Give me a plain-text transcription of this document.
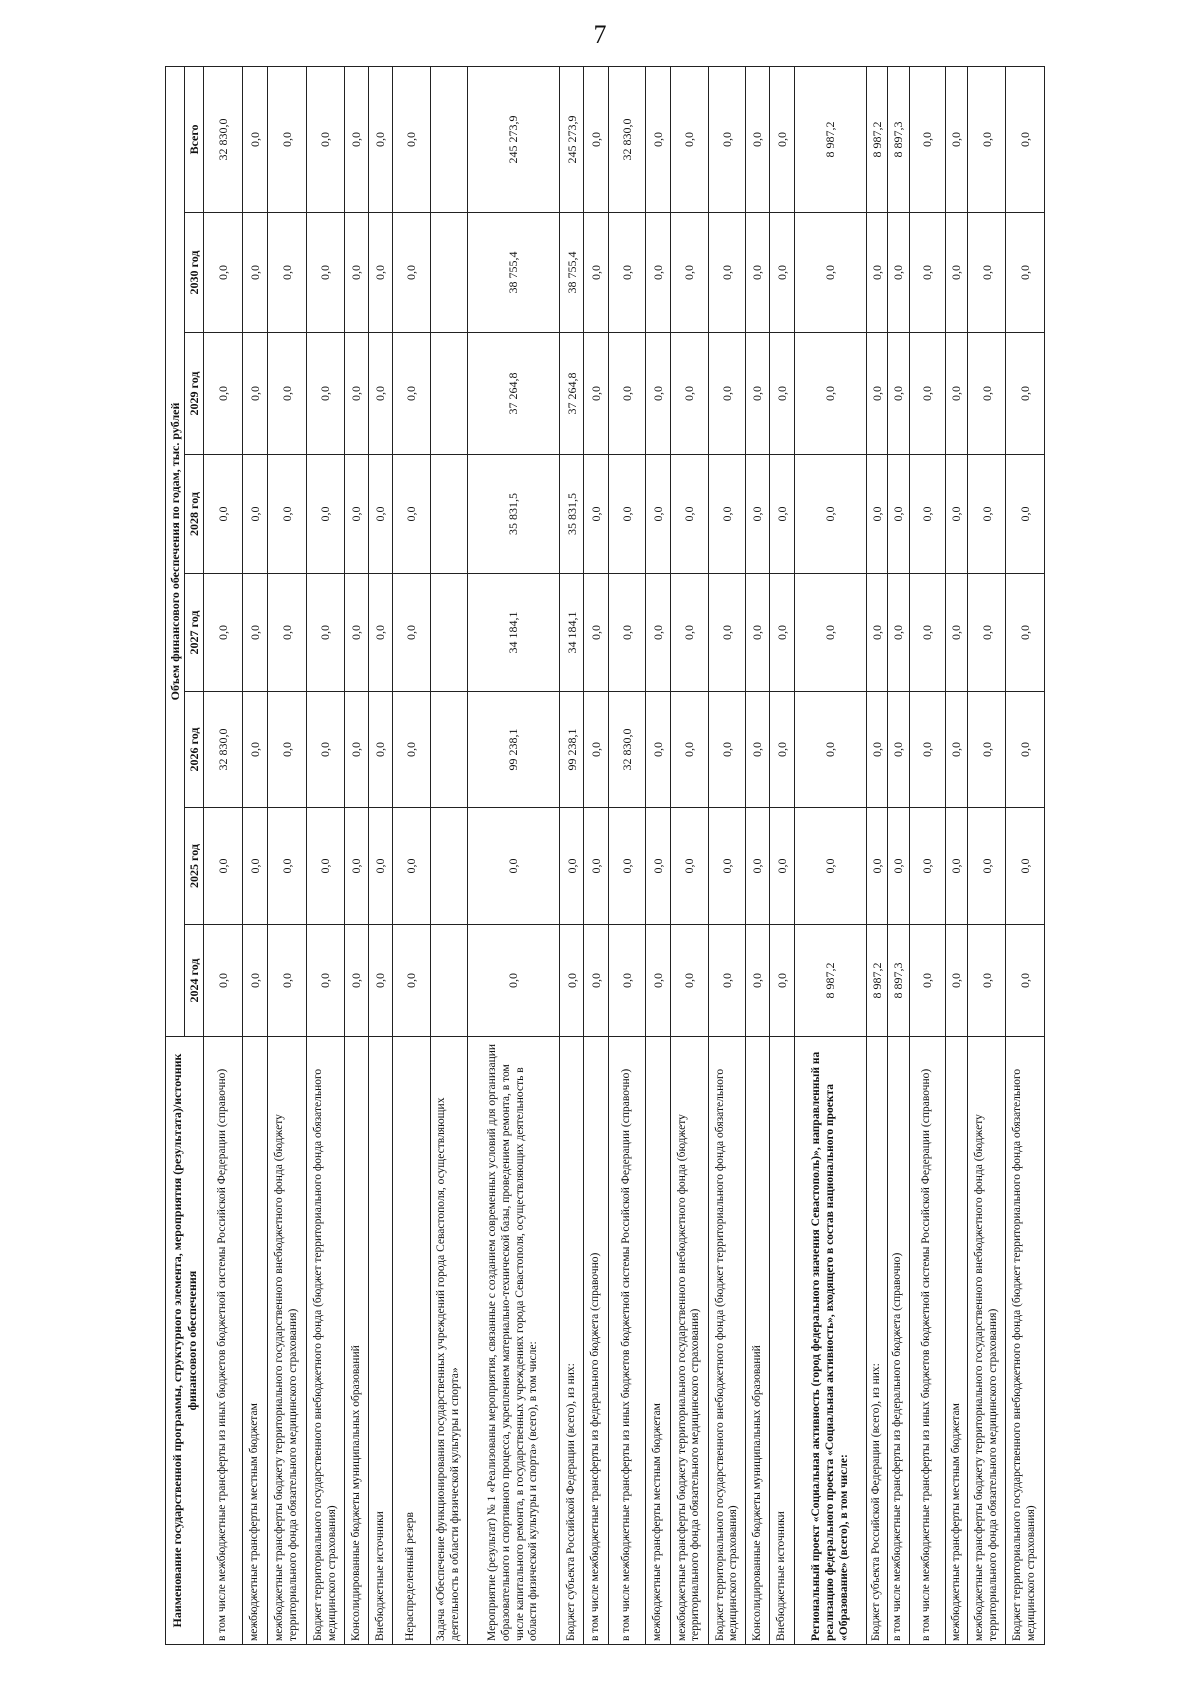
7
Наименование государственной программы, структурного элемента, мероприятия (результата)/источник финансового обеспечения	Объем финансового обеспечения по годам, тыс. рублей							
	2024 год	2025 год	2026 год	2027 год	2028 год	2029 год	2030 год	Всего
в том числе межбюджетные трансферты из иных бюджетов бюджетной системы Российской Федерации (справочно)	0,0	0,0	32 830,0	0,0	0,0	0,0	0,0	32 830,0
межбюджетные трансферты местным бюджетам	0,0	0,0	0,0	0,0	0,0	0,0	0,0	0,0
межбюджетные трансферты бюджету территориального государственного внебюджетного фонда (бюджету территориального фонда обязательного медицинского страхования)	0,0	0,0	0,0	0,0	0,0	0,0	0,0	0,0
Бюджет территориального государственного внебюджетного фонда (бюджет территориального фонда обязательного медицинского страхования)	0,0	0,0	0,0	0,0	0,0	0,0	0,0	0,0
Консолидированные бюджеты муниципальных образований	0,0	0,0	0,0	0,0	0,0	0,0	0,0	0,0
Внебюджетные источники	0,0	0,0	0,0	0,0	0,0	0,0	0,0	0,0
Нераспределенный резерв	0,0	0,0	0,0	0,0	0,0	0,0	0,0	0,0
Задача «Обеспечение функционирования государственных учреждений города Севастополя, осуществляющих деятельность в области физической культуры и спорта»								
Мероприятие (результат) № 1 «Реализованы мероприятия, связанные с созданием современных условий для организации образовательного и спортивного процесса, укреплением материально-технической базы, проведением ремонта, в том числе капитального ремонта, в государственных учреждениях города Севастополя, осуществляющих деятельность в области физической культуры и спорта» (всего), в том числе:	0,0	0,0	99 238,1	34 184,1	35 831,5	37 264,8	38 755,4	245 273,9
Бюджет субъекта Российской Федерации (всего), из них:	0,0	0,0	99 238,1	34 184,1	35 831,5	37 264,8	38 755,4	245 273,9
в том числе межбюджетные трансферты из федерального бюджета (справочно)	0,0	0,0	0,0	0,0	0,0	0,0	0,0	0,0
в том числе межбюджетные трансферты из иных бюджетов бюджетной системы Российской Федерации (справочно)	0,0	0,0	32 830,0	0,0	0,0	0,0	0,0	32 830,0
межбюджетные трансферты местным бюджетам	0,0	0,0	0,0	0,0	0,0	0,0	0,0	0,0
межбюджетные трансферты бюджету территориального государственного внебюджетного фонда (бюджету территориального фонда обязательного медицинского страхования)	0,0	0,0	0,0	0,0	0,0	0,0	0,0	0,0
Бюджет территориального государственного внебюджетного фонда (бюджет территориального фонда обязательного медицинского страхования)	0,0	0,0	0,0	0,0	0,0	0,0	0,0	0,0
Консолидированные бюджеты муниципальных образований	0,0	0,0	0,0	0,0	0,0	0,0	0,0	0,0
Внебюджетные источники	0,0	0,0	0,0	0,0	0,0	0,0	0,0	0,0
Региональный проект «Социальная активность (город федерального значения Севастополь)», направленный на реализацию федерального проекта «Социальная активность», входящего в состав национального проекта «Образование» (всего), в том числе:	8 987,2	0,0	0,0	0,0	0,0	0,0	0,0	8 987,2
Бюджет субъекта Российской Федерации (всего), из них:	8 987,2	0,0	0,0	0,0	0,0	0,0	0,0	8 987,2
в том числе межбюджетные трансферты из федерального бюджета (справочно)	8 897,3	0,0	0,0	0,0	0,0	0,0	0,0	8 897,3
в том числе межбюджетные трансферты из иных бюджетов бюджетной системы Российской Федерации (справочно)	0,0	0,0	0,0	0,0	0,0	0,0	0,0	0,0
межбюджетные трансферты местным бюджетам	0,0	0,0	0,0	0,0	0,0	0,0	0,0	0,0
межбюджетные трансферты бюджету территориального государственного внебюджетного фонда (бюджету территориального фонда обязательного медицинского страхования)	0,0	0,0	0,0	0,0	0,0	0,0	0,0	0,0
Бюджет территориального государственного внебюджетного фонда (бюджет территориального фонда обязательного медицинского страхования)	0,0	0,0	0,0	0,0	0,0	0,0	0,0	0,0
